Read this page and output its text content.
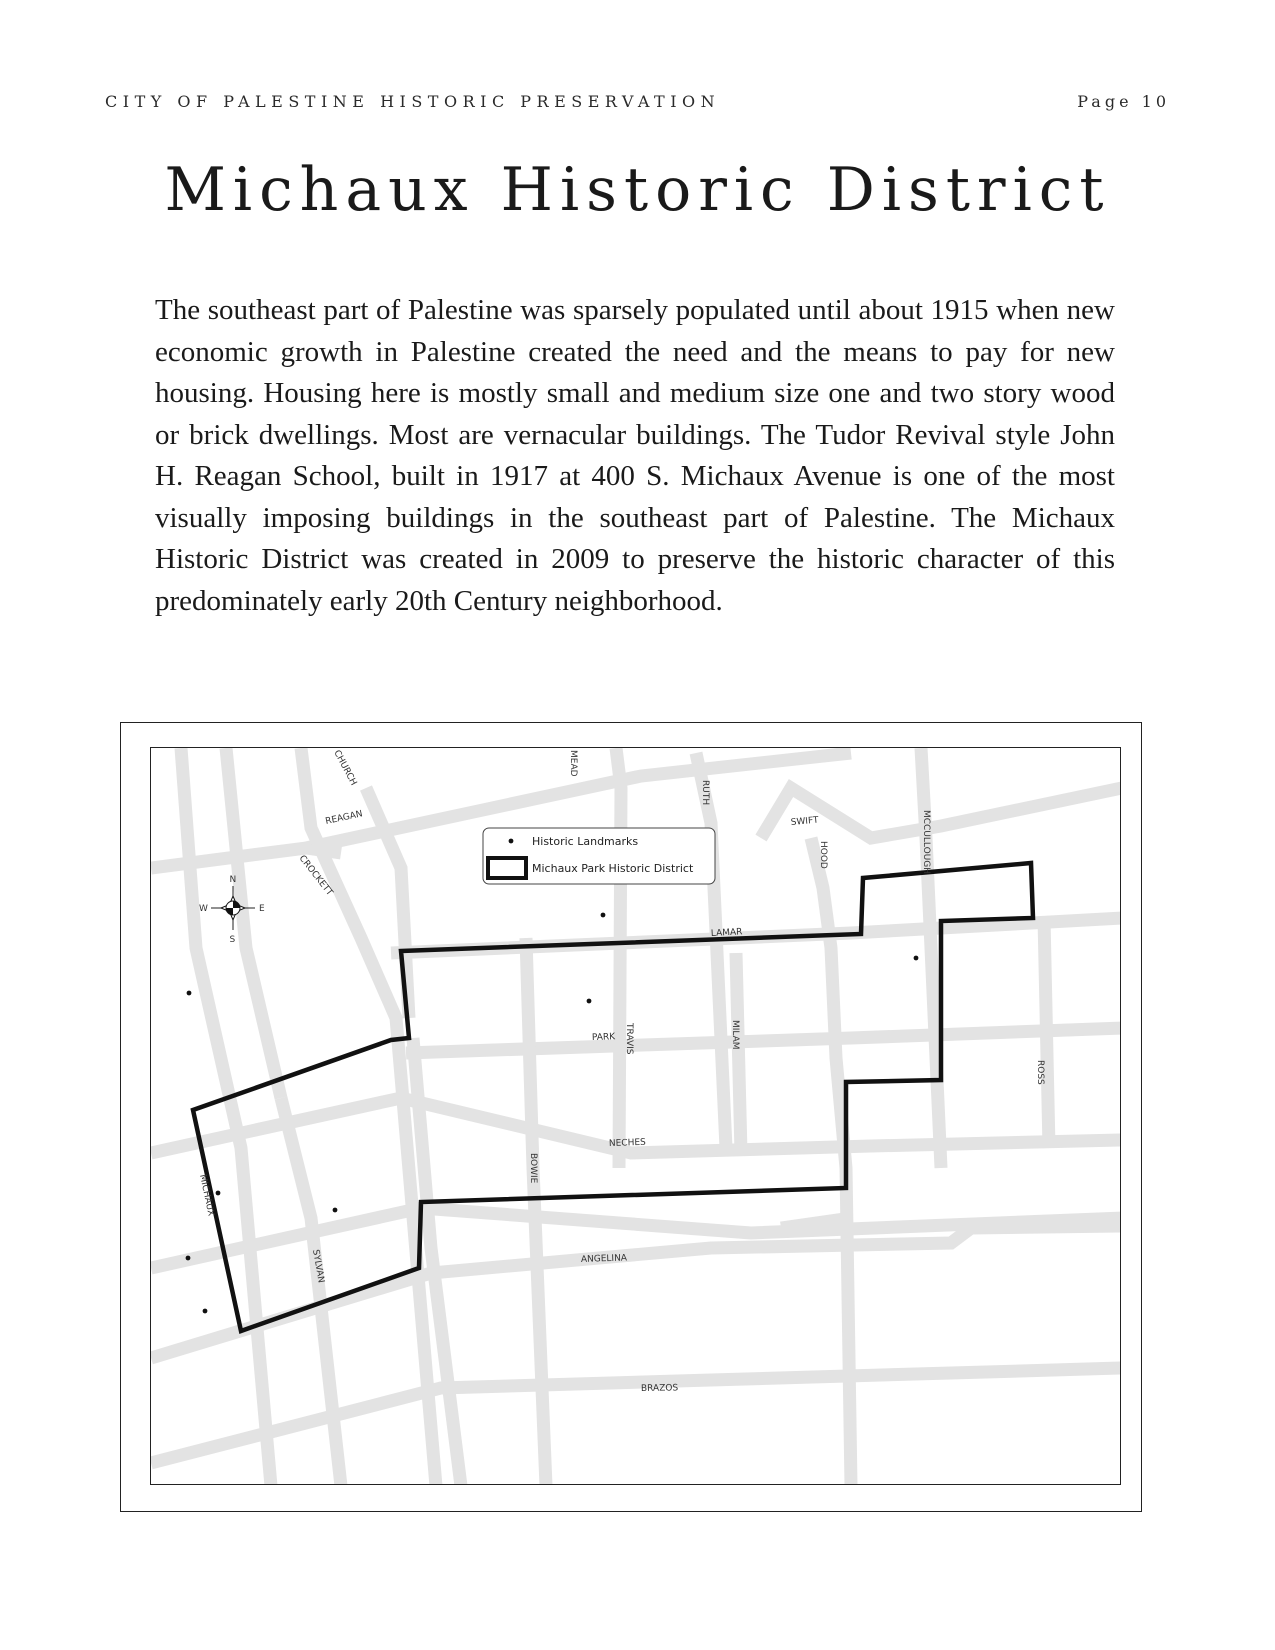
CITY OF PALESTINE HISTORIC PRESERVATION	Page 10
Michaux Historic District

The southeast part of Palestine was sparsely populated until about 1915 when new economic growth in Palestine created the need and the means to pay for new housing. Housing here is mostly small and medium size one and two story wood or brick dwellings. Most are vernacular buildings. The Tudor Revival style John H. Reagan School, built in 1917 at 400 S. Michaux Avenue is one of the most visually imposing buildings in the southeast part of Palestine. The Michaux Historic District was created in 2009 to preserve the historic character of this predominately early 20th Century neighborhood.

N
S
E
W
Historic Landmarks
Michaux Park Historic District
CHURCH	MEAD
RUTH
REAGAN	SWIFT
HOOD	MCCULLOUGH
CROCKETT
LAMAR
PARK TRAVIS	MILAM
ROSS
NECHES
BOWIE
MICHAUX
SYLVAN	ANGELINA
BRAZOS
